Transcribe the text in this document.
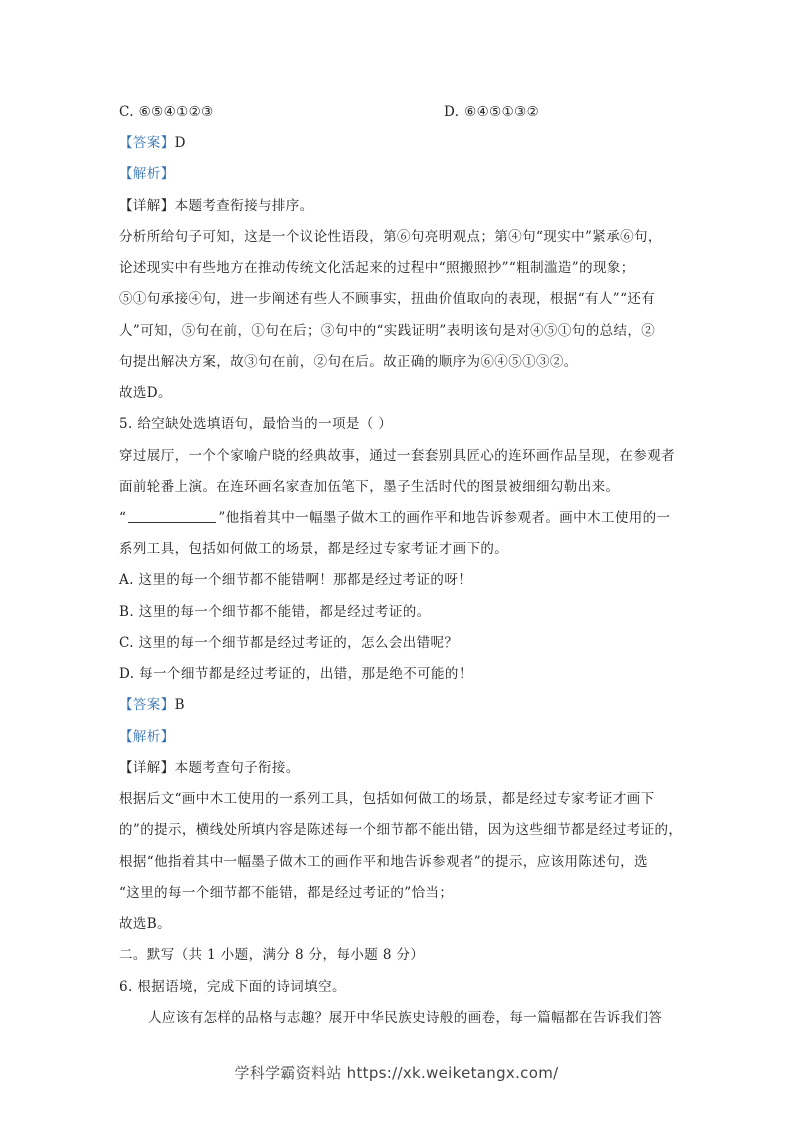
C. ⑥⑤④①②③	D. ⑥④⑤①③②
【答案】D
【解析】
【详解】本题考查衔接与排序。
分析所给句子可知，这是一个议论性语段，第⑥句亮明观点；第④句“现实中”紧承⑥句，
论述现实中有些地方在推动传统文化活起来的过程中“照搬照抄”“粗制滥造”的现象；
⑤①句承接④句，进一步阐述有些人不顾事实，扭曲价值取向的表现，根据“有人”“还有
人”可知，⑤句在前，①句在后；③句中的“实践证明”表明该句是对④⑤①句的总结，②
句提出解决方案，故③句在前，②句在后。故正确的顺序为⑥④⑤①③②。
故选D。
5. 给空缺处选填语句，最恰当的一项是（ ）
穿过展厅，一个个家喻户晓的经典故事，通过一套套别具匠心的连环画作品呈现，在参观者
面前轮番上演。在连环画名家查加伍笔下，墨子生活时代的图景被细细勾勒出来。
“	”他指着其中一幅墨子做木工的画作平和地告诉参观者。画中木工使用的一
系列工具，包括如何做工的场景，都是经过专家考证才画下的。
A. 这里的每一个细节都不能错啊！那都是经过考证的呀！
B. 这里的每一个细节都不能错，都是经过考证的。
C. 这里的每一个细节都是经过考证的，怎么会出错呢？
D. 每一个细节都是经过考证的，出错，那是绝不可能的！
【答案】B
【解析】
【详解】本题考查句子衔接。
根据后文“画中木工使用的一系列工具，包括如何做工的场景，都是经过专家考证才画下
的”的提示，横线处所填内容是陈述每一个细节都不能出错，因为这些细节都是经过考证的，
根据“他指着其中一幅墨子做木工的画作平和地告诉参观者”的提示，应该用陈述句，选
“这里的每一个细节都不能错，都是经过考证的”恰当；
故选B。
二。默写（共 1 小题，满分 8 分，每小题 8 分）
6. 根据语境，完成下面的诗词填空。
人应该有怎样的品格与志趣？展开中华民族史诗般的画卷，每一篇幅都在告诉我们答
学科学霸资料站 https://xk.weiketangx.com/
